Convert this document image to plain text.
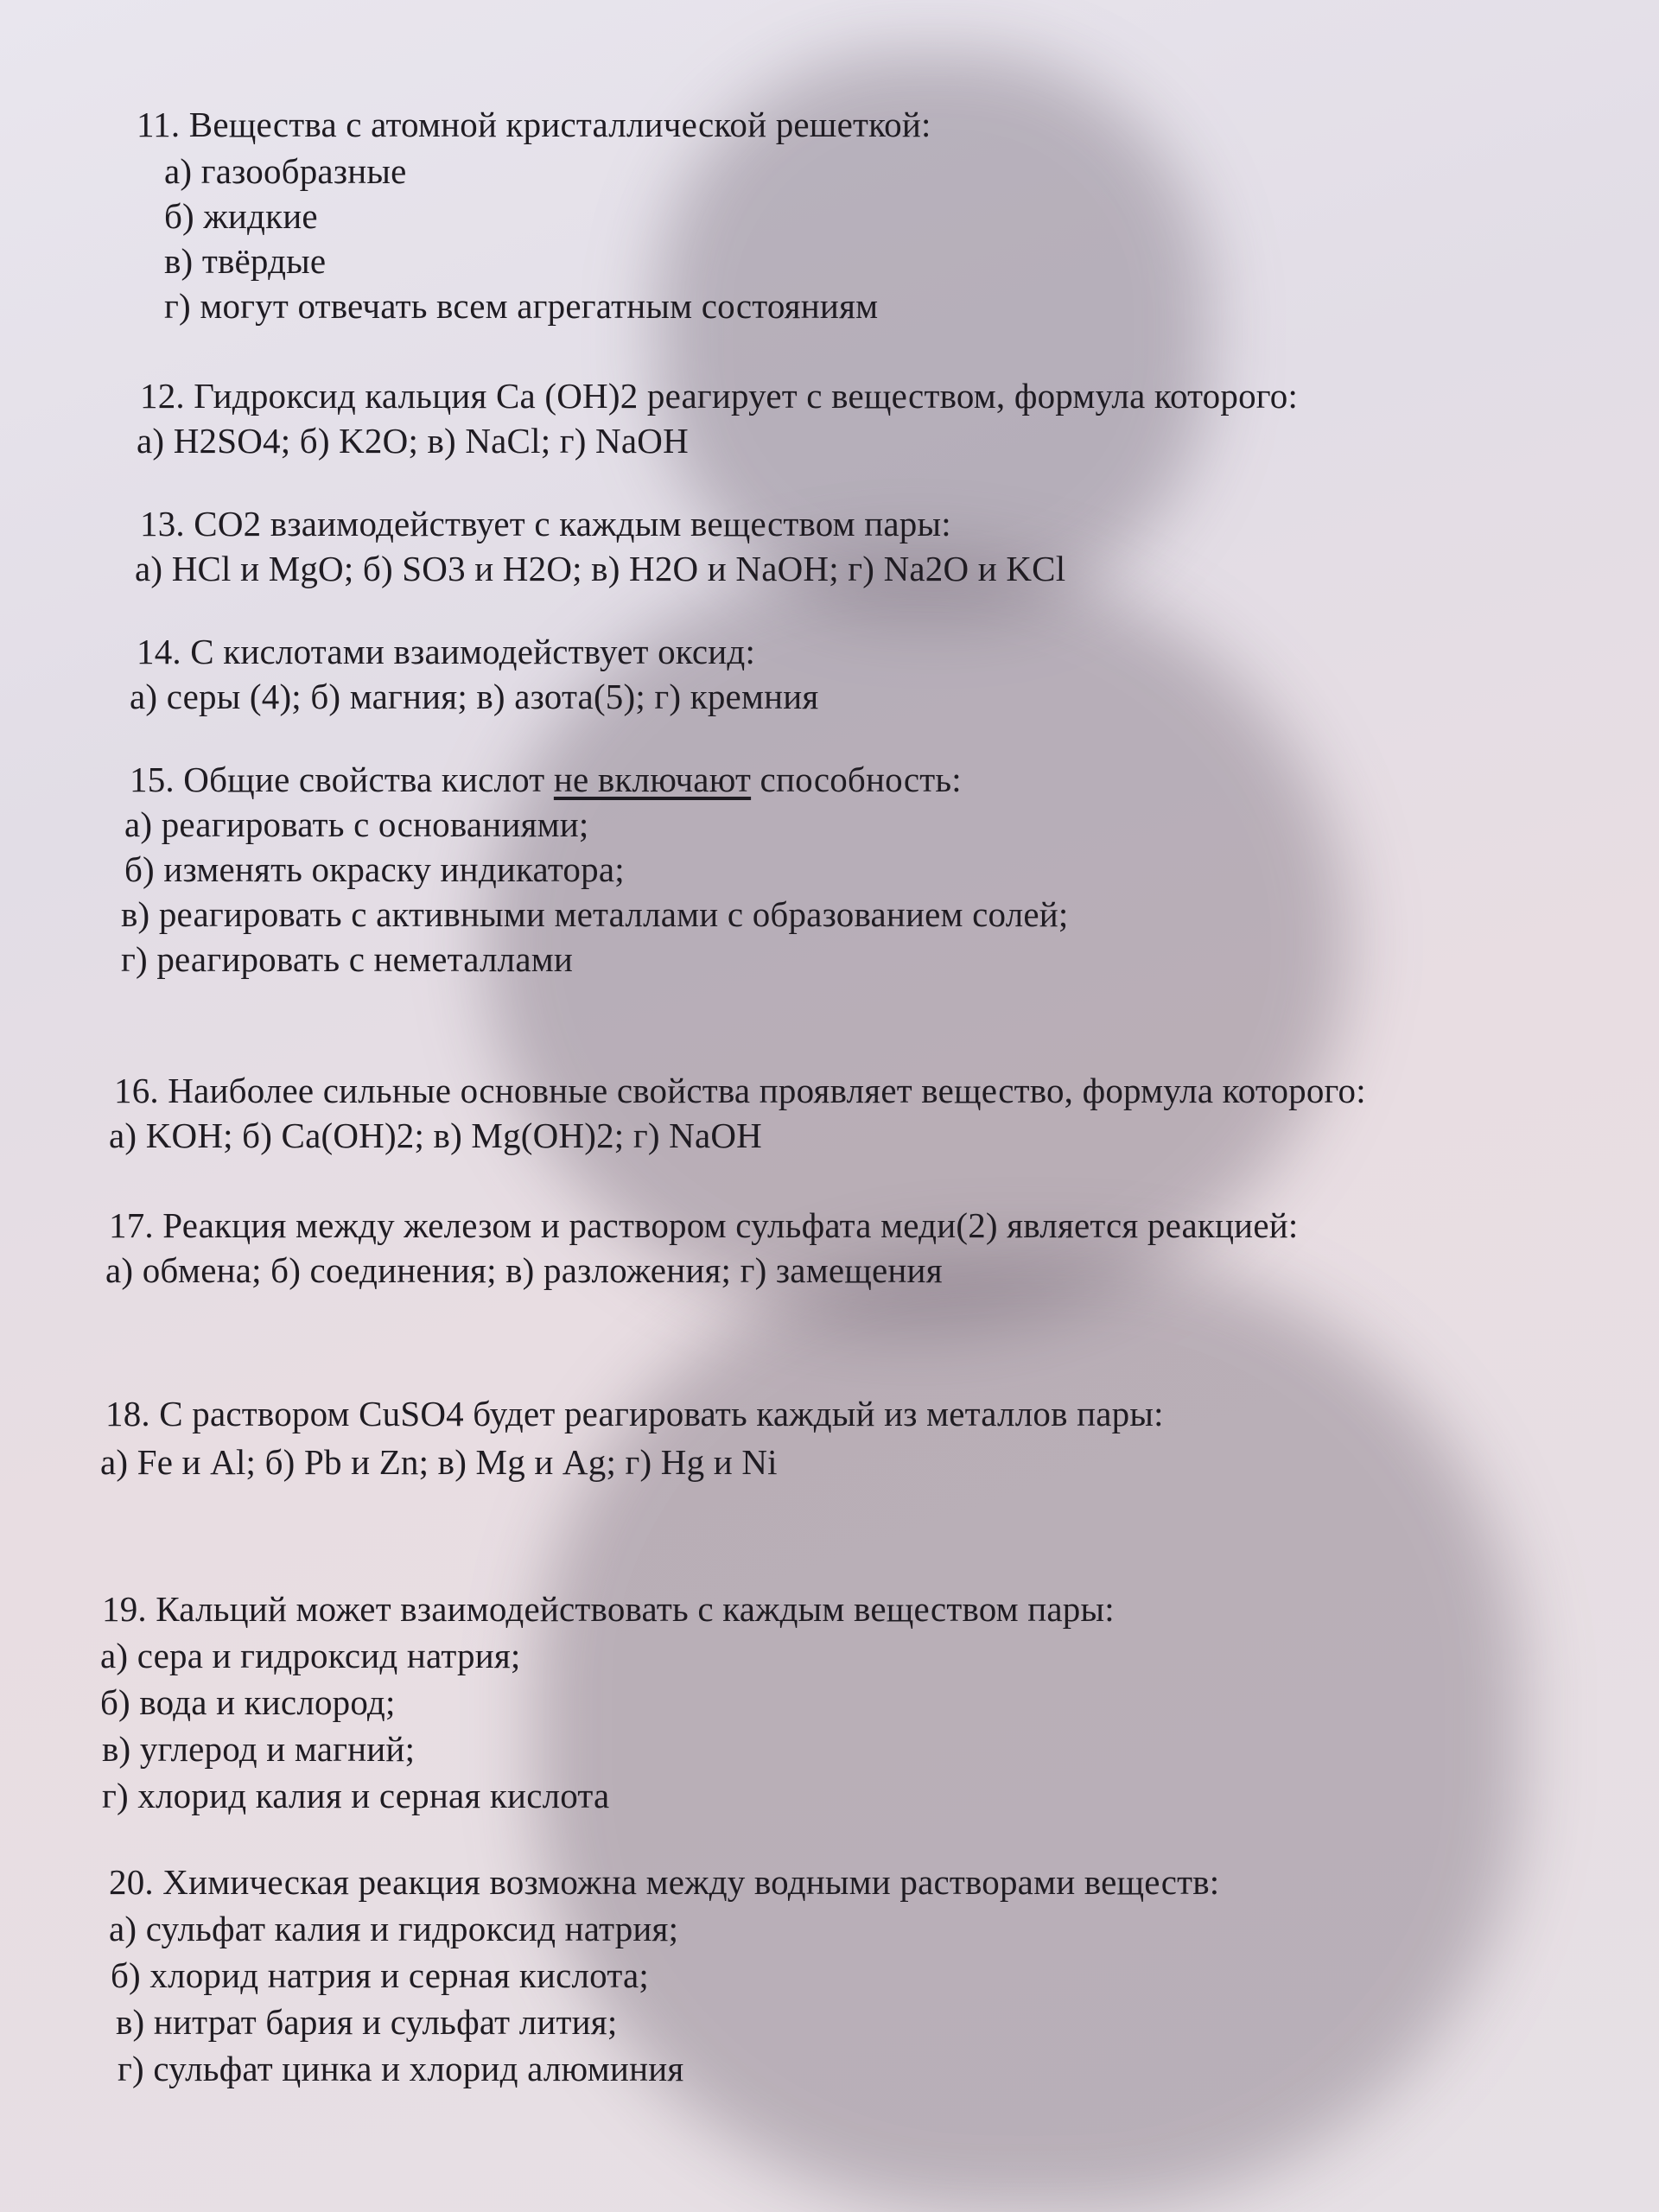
11. Вещества с атомной кристаллической решеткой:
а) газообразные
б) жидкие
в) твёрдые
г) могут отвечать всем агрегатным состояниям
12. Гидроксид кальция Са (ОН)2 реагирует с веществом, формула которого:
а) H2SO4; б) K2O; в) NaCl; г) NaOH
13. СО2 взаимодействует с каждым веществом пары:
а) HCl и MgO; б) SO3 и H2O; в) H2O и NaOH; г) Na2O и KCl
14. С кислотами взаимодействует оксид:
а) серы (4); б) магния; в) азота(5); г) кремния
15. Общие свойства кислот не включают способность:
а) реагировать с основаниями;
б) изменять окраску индикатора;
в) реагировать с активными металлами с образованием солей;
г) реагировать с неметаллами
16. Наиболее сильные основные свойства проявляет вещество, формула которого:
а) KOH; б) Ca(OH)2; в) Mg(OH)2; г) NaOH
17. Реакция между железом и раствором сульфата меди(2) является реакцией:
а) обмена; б) соединения; в) разложения; г) замещения
18. С раствором CuSO4 будет реагировать каждый из металлов пары:
а) Fe и Al; б) Pb и Zn; в) Mg и Ag; г) Hg и Ni
19. Кальций может взаимодействовать с каждым веществом пары:
а) сера и гидроксид натрия;
б) вода и кислород;
в) углерод и магний;
г) хлорид калия и серная кислота
20. Химическая реакция возможна между водными растворами веществ:
а) сульфат калия и гидроксид натрия;
б) хлорид натрия и серная кислота;
в) нитрат бария и сульфат лития;
г) сульфат цинка и хлорид алюминия
